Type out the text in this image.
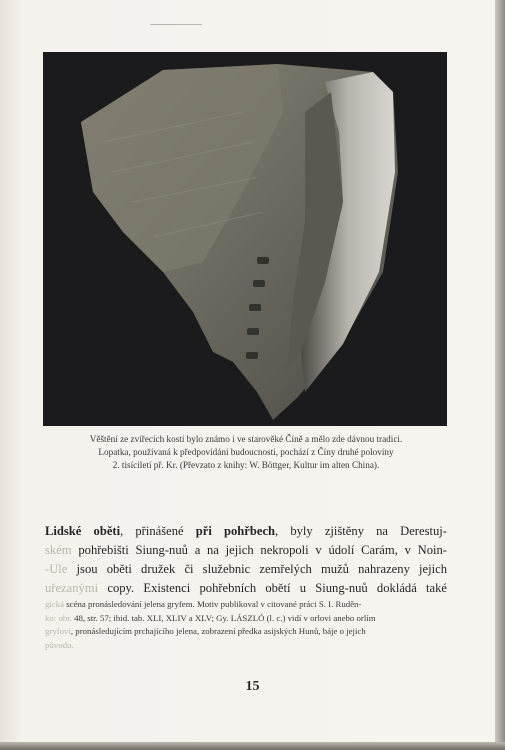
Věštění ze zvířecích kostí bylo známo i ve starověké Číně a mělo zde dávnou tradici.
Lopatka, používaná k předpovídání budoucnosti, pochází z Číny druhé poloviny
2. tisíciletí př. Kr. (Převzato z knihy: W. Böttger, Kultur im alten China).
Lidské oběti, přinášené při pohřbech, byly zjištěny na Derestuj-
ském pohřebišti Siung-nuů a na jejich nekropoli v údolí Carám, v Noin-
-Ule jsou oběti družek či služebnic zemřelých mužů nahrazeny jejich
uřezanými copy. Existenci pohřebních obětí u Siung-nuů dokládá také
gická scéna pronásledování jelena gryfem. Motiv publikoval v citované práci S. I. Ruděn-
ko: obr. 48, str. 57; ibid. tab. XLI, XLIV a XLV; Gy. LÁSZLÓ (l. c.) vidí v orlovi anebo orlím
gryfovi, pronásledujícím prchajícího jelena, zobrazení předka asijských Hunů, báje o jejich
původu.
15
